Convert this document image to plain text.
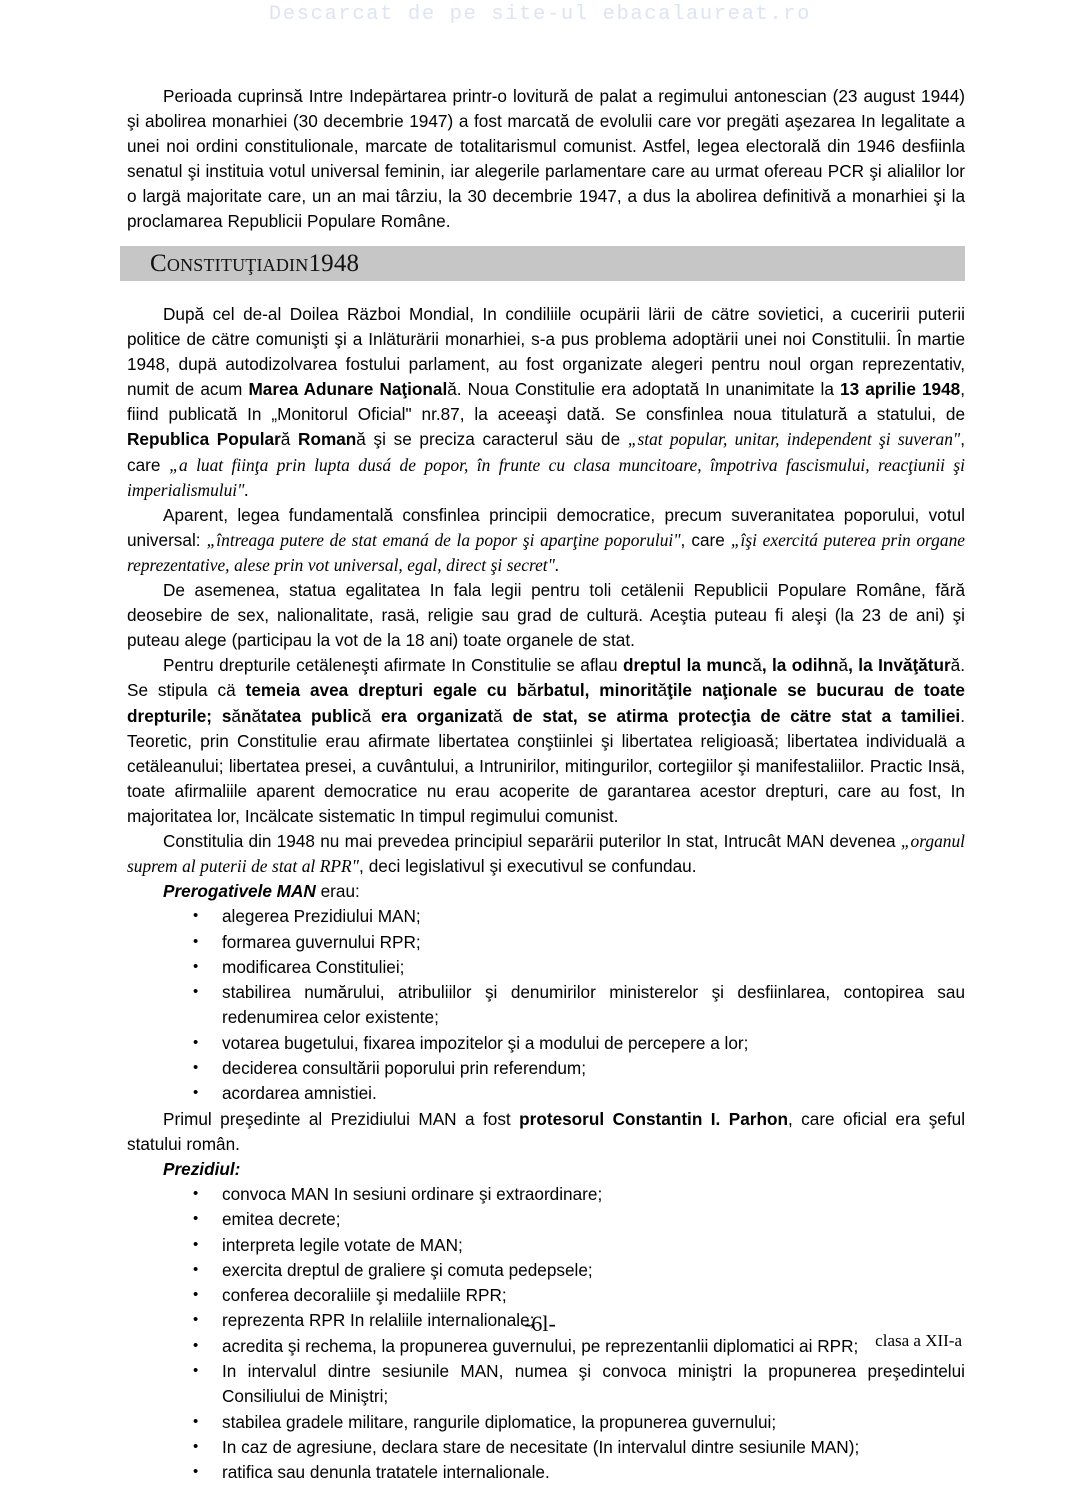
Descarcat de pe site-ul ebacalaureat.ro

Perioada cuprinsă Intre Indepärtarea printr-o lovitură de palat a regimului antonescian (23 august 1944) şi abolirea monarhiei (30 decembrie 1947) a fost marcată de evolulii care vor pregäti aşezarea In legalitate a unei noi ordini constitulionale, marcate de totalitarismul comunist. Astfel, legea electorală din 1946 desfiinla senatul şi instituia votul universal feminin, iar alegerile parlamentare care au urmat ofereau PCR şi alialilor lor o largä majoritate care, un an mai târziu, la 30 decembrie 1947, a dus la abolirea definitivă a monarhiei şi la proclamarea Republicii Populare Române.

Constituţiadin1948

După cel de-al Doilea Räzboi Mondial, In condiliile ocupärii lärii de cätre sovietici, a cuceririi puterii politice de cätre comunişti şi a Inläturärii monarhiei, s-a pus problema adoptärii unei noi Constitulii. În martie 1948, dupä autodizolvarea fostului parlament, au fost organizate alegeri pentru noul organ reprezentativ, numit de acum Marea Adunare Naţională. Noua Constitulie era adoptată In unanimitate la 13 aprilie 1948, fiind publicată In „Monitorul Oficial" nr.87, la aceeaşi dată. Se consfinlea noua titulatură a statului, de Republica Populară Romană şi se preciza caracterul säu de „stat popular, unitar, independent şi suveran", care „a luat fiinţa prin lupta dusá de popor, în frunte cu clasa muncitoare, împotriva fascismului, reacţiunii şi imperialismului".

Aparent, legea fundamentală consfinlea principii democratice, precum suveranitatea poporului, votul universal: „întreaga putere de stat emaná de la popor şi aparţine poporului", care „îşi exercitá puterea prin organe reprezentative, alese prin vot universal, egal, direct şi secret".

De asemenea, statua egalitatea In fala legii pentru toli cetälenii Republicii Populare Române, fără deosebire de sex, nalionalitate, rasä, religie sau grad de culturä. Aceştia puteau fi aleşi (la 23 de ani) şi puteau alege (participau la vot de la 18 ani) toate organele de stat.

Pentru drepturile cetäleneşti afirmate In Constitulie se aflau dreptul la muncă, la odihnă, la Invăţătură. Se stipula cä temeia avea drepturi egale cu bărbatul, minorităţile naţionale se bucurau de toate drepturile; sănătatea publică era organizată de stat, se atirma protecţia de cätre stat a tamiliei. Teoretic, prin Constitulie erau afirmate libertatea conştiinlei şi libertatea religioasă; libertatea individualä a cetäleanului; libertatea presei, a cuvântului, a Intrunirilor, mitingurilor, cortegiilor şi manifestaliilor. Practic Insä, toate afirmaliile aparent democratice nu erau acoperite de garantarea acestor drepturi, care au fost, In majoritatea lor, Incälcate sistematic In timpul regimului comunist.

Constitulia din 1948 nu mai prevedea principiul separärii puterilor In stat, Intrucât MAN devenea „organul suprem al puterii de stat al RPR", deci legislativul şi executivul se confundau.

Prerogativele MAN erau:

• alegerea Prezidiului MAN;
• formarea guvernului RPR;
• modificarea Constituliei;
• stabilirea numărului, atribuliilor şi denumirilor ministerelor şi desfiinlarea, contopirea sau redenumirea celor existente;
• votarea bugetului, fixarea impozitelor şi a modului de percepere a lor;
• deciderea consultării poporului prin referendum;
• acordarea amnistiei.

Primul preşedinte al Prezidiului MAN a fost protesorul Constantin I. Parhon, care oficial era şeful statului român.

Prezidiul:

• convoca MAN In sesiuni ordinare şi extraordinare;
• emitea decrete;
• interpreta legile votate de MAN;
• exercita dreptul de graliere şi comuta pedepsele;
• conferea decoraliile şi medaliile RPR;
• reprezenta RPR In relaliile internalionale;
• acredita şi rechema, la propunerea guvernului, pe reprezentanlii diplomatici ai RPR;
• In intervalul dintre sesiunile MAN, numea şi convoca miniştri la propunerea preşedintelui Consiliului de Miniştri;
• stabilea gradele militare, rangurile diplomatice, la propunerea guvernului;
• In caz de agresiune, declara stare de necesitate (In intervalul dintre sesiunile MAN);
• ratifica sau denunla tratatele internalionale.
-6l-
clasa a XII-a
